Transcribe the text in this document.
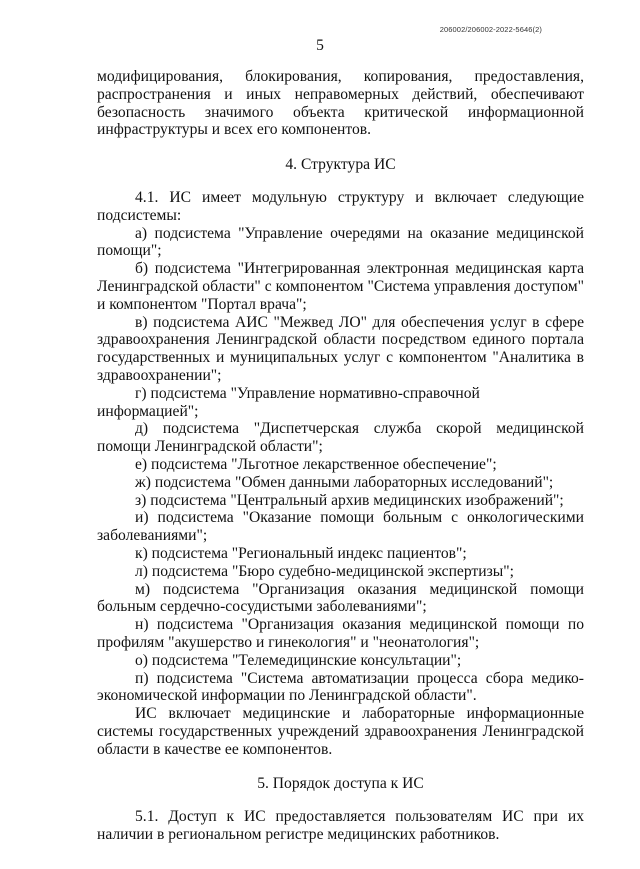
206002/206002-2022-5646(2)
5

модифицирования, блокирования, копирования, предоставления, распространения и иных неправомерных действий, обеспечивают безопасность значимого объекта критической информационной инфраструктуры и всех его компонентов.

4. Структура ИС

4.1. ИС имеет модульную структуру и включает следующие подсистемы:

а) подсистема "Управление очередями на оказание медицинской помощи";

б) подсистема "Интегрированная электронная медицинская карта Ленинградской области" с компонентом "Система управления доступом" и компонентом "Портал врача";

в) подсистема АИС "Межвед ЛО" для обеспечения услуг в сфере здравоохранения Ленинградской области посредством единого портала государственных и муниципальных услуг с компонентом "Аналитика в здравоохранении";

г) подсистема "Управление нормативно-справочной информацией";

д) подсистема "Диспетчерская служба скорой медицинской помощи Ленинградской области";

е) подсистема "Льготное лекарственное обеспечение";

ж) подсистема "Обмен данными лабораторных исследований";

з) подсистема "Центральный архив медицинских изображений";

и) подсистема "Оказание помощи больным с онкологическими заболеваниями";

к) подсистема "Региональный индекс пациентов";

л) подсистема "Бюро судебно-медицинской экспертизы";

м) подсистема "Организация оказания медицинской помощи больным сердечно-сосудистыми заболеваниями";

н) подсистема "Организация оказания медицинской помощи по профилям "акушерство и гинекология" и "неонатология";

о) подсистема "Телемедицинские консультации";

п) подсистема "Система автоматизации процесса сбора медико-экономической информации по Ленинградской области".

ИС включает медицинские и лабораторные информационные системы государственных учреждений здравоохранения Ленинградской области в качестве ее компонентов.

5. Порядок доступа к ИС

5.1. Доступ к ИС предоставляется пользователям ИС при их наличии в региональном регистре медицинских работников.
